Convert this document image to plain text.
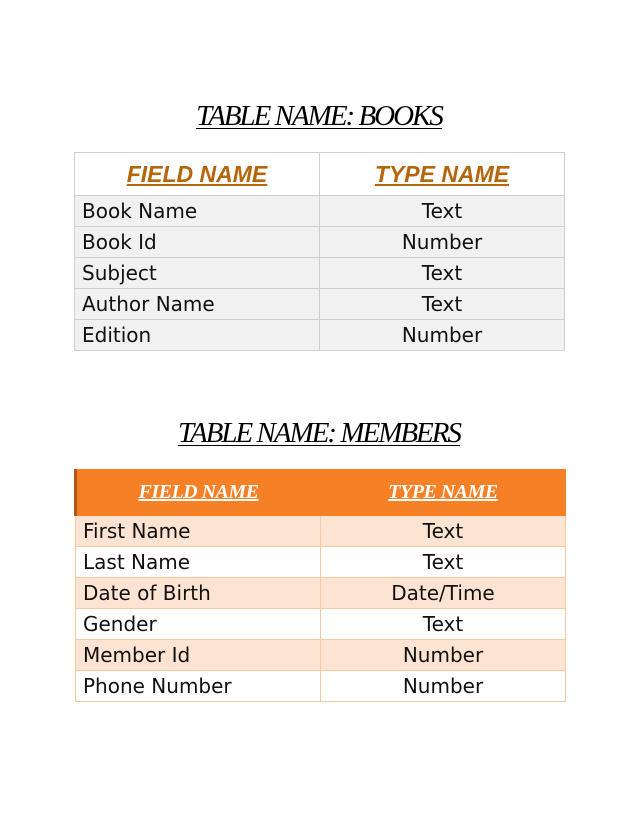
TABLE NAME: BOOKS
FIELD NAME	TYPE NAME
Book Name	Text
Book Id	Number
Subject	Text
Author Name	Text
Edition	Number
TABLE NAME: MEMBERS
FIELD NAME	TYPE NAME
First Name	Text
Last Name	Text
Date of Birth	Date/Time
Gender	Text
Member Id	Number
Phone Number	Number
